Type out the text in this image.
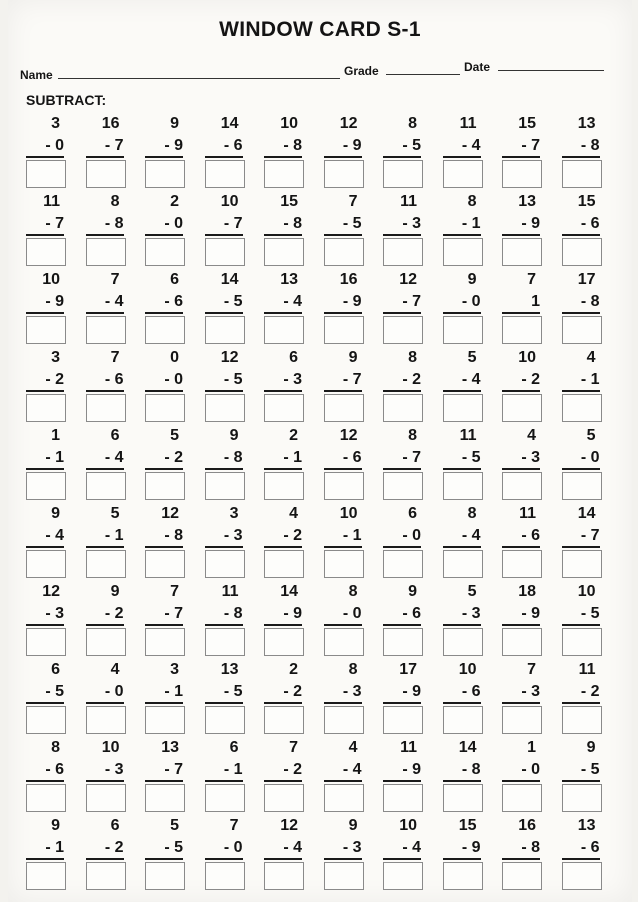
WINDOW CARD S-1
Name	Grade	Date
SUBTRACT:
3
- 0
16
- 7
9
- 9
14
- 6
10
- 8
12
- 9
8
- 5
11
- 4
15
- 7
13
- 8
11
- 7
8
- 8
2
- 0
10
- 7
15
- 8
7
- 5
11
- 3
8
- 1
13
- 9
15
- 6
10
- 9
7
- 4
6
- 6
14
- 5
13
- 4
16
- 9
12
- 7
9
- 0
7
1
17
- 8
3
- 2
7
- 6
0
- 0
12
- 5
6
- 3
9
- 7
8
- 2
5
- 4
10
- 2
4
- 1
1
- 1
6
- 4
5
- 2
9
- 8
2
- 1
12
- 6
8
- 7
11
- 5
4
- 3
5
- 0
9
- 4
5
- 1
12
- 8
3
- 3
4
- 2
10
- 1
6
- 0
8
- 4
11
- 6
14
- 7
12
- 3
9
- 2
7
- 7
11
- 8
14
- 9
8
- 0
9
- 6
5
- 3
18
- 9
10
- 5
6
- 5
4
- 0
3
- 1
13
- 5
2
- 2
8
- 3
17
- 9
10
- 6
7
- 3
11
- 2
8
- 6
10
- 3
13
- 7
6
- 1
7
- 2
4
- 4
11
- 9
14
- 8
1
- 0
9
- 5
9
- 1
6
- 2
5
- 5
7
- 0
12
- 4
9
- 3
10
- 4
15
- 9
16
- 8
13
- 6
